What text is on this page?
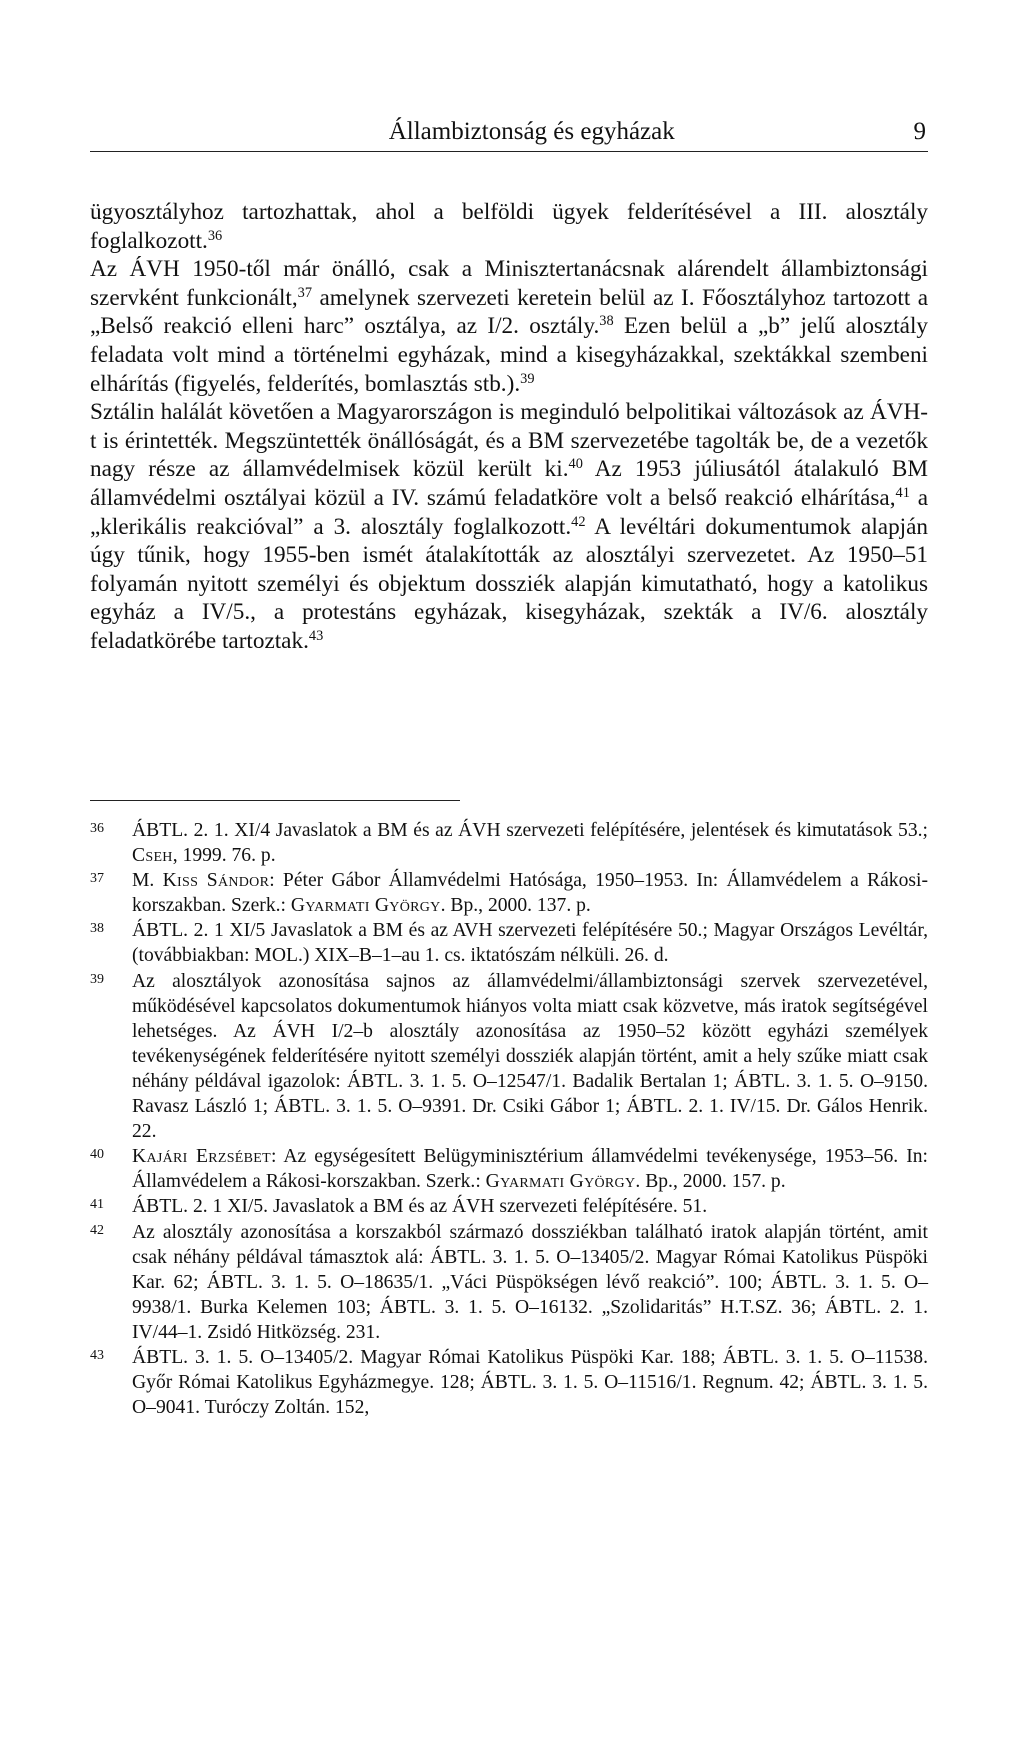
Állambiztonság és egyházak	9

ügyosztályhoz tartozhattak, ahol a belföldi ügyek felderítésével a III. alosztály foglalkozott.$^{36}$

Az ÁVH 1950-től már önálló, csak a Minisztertanácsnak alárendelt állambiztonsági szervként funkcionált,$^{37}$ amelynek szervezeti keretein belül az I. Főosztályhoz tartozott a „Belső reakció elleni harc” osztálya, az I/2. osztály.$^{38}$ Ezen belül a „b” jelű alosztály feladata volt mind a történelmi egyházak, mind a kisegyházakkal, szektákkal szembeni elhárítás (figyelés, felderítés, bomlasztás stb.).$^{39}$

Sztálin halálát követően a Magyarországon is meginduló belpolitikai változások az ÁVH-t is érintették. Megszüntették önállóságát, és a BM szervezetébe tagolták be, de a vezetők nagy része az államvédelmisek közül került ki.$^{40}$ Az 1953 júliusától átalakuló BM államvédelmi osztályai közül a IV. számú feladatköre volt a belső reakció elhárítása,$^{41}$ a „klerikális reakcióval” a 3. alosztály foglalkozott.$^{42}$ A levéltári dokumentumok alapján úgy tűnik, hogy 1955-ben ismét átalakították az alosztályi szervezetet. Az 1950–51 folyamán nyitott személyi és objektum dossziék alapján kimutatható, hogy a katolikus egyház a IV/5., a protestáns egyházak, kisegyházak, szekták a IV/6. alosztály feladatkörébe tartoztak.$^{43}$

36 ÁBTL. 2. 1. XI/4 Javaslatok a BM és az ÁVH szervezeti felépítésére, jelentések és kimutatások 53.; Cseh, 1999. 76. p.

37 M. Kiss Sándor: Péter Gábor Államvédelmi Hatósága, 1950–1953. In: Államvédelem a Rákosi-korszakban. Szerk.: Gyarmati György. Bp., 2000. 137. p.

38 ÁBTL. 2. 1 XI/5 Javaslatok a BM és az AVH szervezeti felépítésére 50.; Magyar Országos Levéltár, (továbbiakban: MOL.) XIX–B–1–au 1. cs. iktatószám nélküli. 26. d.

39 Az alosztályok azonosítása sajnos az államvédelmi/állambiztonsági szervek szervezetével, működésével kapcsolatos dokumentumok hiányos volta miatt csak közvetve, más iratok segítségével lehetséges. Az ÁVH I/2–b alosztály azonosítása az 1950–52 között egyházi személyek tevékenységének felderítésére nyitott személyi dossziék alapján történt, amit a hely szűke miatt csak néhány példával igazolok: ÁBTL. 3. 1. 5. O–12547/1. Badalik Bertalan 1; ÁBTL. 3. 1. 5. O–9150. Ravasz László 1; ÁBTL. 3. 1. 5. O–9391. Dr. Csiki Gábor 1; ÁBTL. 2. 1. IV/15. Dr. Gálos Henrik. 22.

40 Kajári Erzsébet: Az egységesített Belügyminisztérium államvédelmi tevékenysége, 1953–56. In: Államvédelem a Rákosi-korszakban. Szerk.: Gyarmati György. Bp., 2000. 157. p.

41 ÁBTL. 2. 1 XI/5. Javaslatok a BM és az ÁVH szervezeti felépítésére. 51.

42 Az alosztály azonosítása a korszakból származó dossziékban található iratok alapján történt, amit csak néhány példával támasztok alá: ÁBTL. 3. 1. 5. O–13405/2. Magyar Római Katolikus Püspöki Kar. 62; ÁBTL. 3. 1. 5. O–18635/1. „Váci Püspökségen lévő reakció”. 100; ÁBTL. 3. 1. 5. O–9938/1. Burka Kelemen 103; ÁBTL. 3. 1. 5. O–16132. „Szolidaritás” H.T.SZ. 36; ÁBTL. 2. 1. IV/44–1. Zsidó Hitközség. 231.

43 ÁBTL. 3. 1. 5. O–13405/2. Magyar Római Katolikus Püspöki Kar. 188; ÁBTL. 3. 1. 5. O–11538. Győr Római Katolikus Egyházmegye. 128; ÁBTL. 3. 1. 5. O–11516/1. Regnum. 42; ÁBTL. 3. 1. 5. O–9041. Turóczy Zoltán. 152,
